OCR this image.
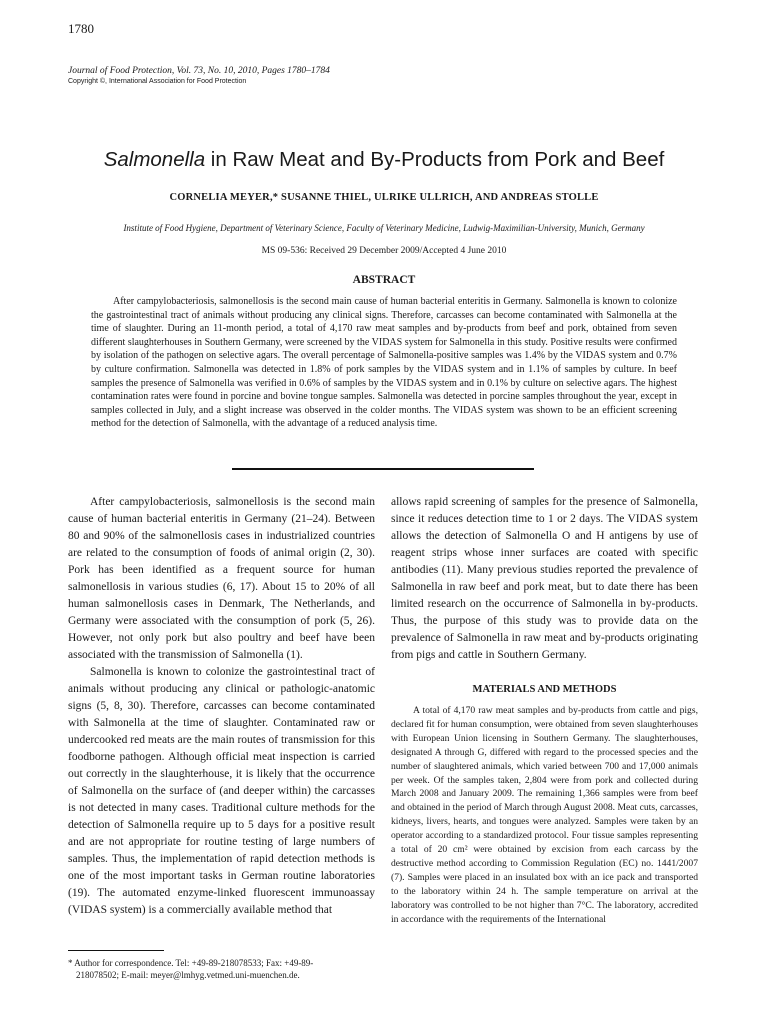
1780
Journal of Food Protection, Vol. 73, No. 10, 2010, Pages 1780–1784
Copyright ©, International Association for Food Protection
Salmonella in Raw Meat and By-Products from Pork and Beef
CORNELIA MEYER,* SUSANNE THIEL, ULRIKE ULLRICH, AND ANDREAS STOLLE
Institute of Food Hygiene, Department of Veterinary Science, Faculty of Veterinary Medicine, Ludwig-Maximilian-University, Munich, Germany
MS 09-536: Received 29 December 2009/Accepted 4 June 2010
ABSTRACT

After campylobacteriosis, salmonellosis is the second main cause of human bacterial enteritis in Germany. Salmonella is known to colonize the gastrointestinal tract of animals without producing any clinical signs. Therefore, carcasses can become contaminated with Salmonella at the time of slaughter. During an 11-month period, a total of 4,170 raw meat samples and by-products from beef and pork, obtained from seven different slaughterhouses in Southern Germany, were screened by the VIDAS system for Salmonella in this study. Positive results were confirmed by isolation of the pathogen on selective agars. The overall percentage of Salmonella-positive samples was 1.4% by the VIDAS system and 0.7% by culture confirmation. Salmonella was detected in 1.8% of pork samples by the VIDAS system and in 1.1% of samples by culture. In beef samples the presence of Salmonella was verified in 0.6% of samples by the VIDAS system and in 0.1% by culture on selective agars. The highest contamination rates were found in porcine and bovine tongue samples. Salmonella was detected in porcine samples throughout the year, except in samples collected in July, and a slight increase was observed in the colder months. The VIDAS system was shown to be an efficient screening method for the detection of Salmonella, with the advantage of a reduced analysis time.

After campylobacteriosis, salmonellosis is the second main cause of human bacterial enteritis in Germany (21–24). Between 80 and 90% of the salmonellosis cases in industrialized countries are related to the consumption of foods of animal origin (2, 30). Pork has been identified as a frequent source for human salmonellosis in various studies (6, 17). About 15 to 20% of all human salmonellosis cases in Denmark, The Netherlands, and Germany were associated with the consumption of pork (5, 26). However, not only pork but also poultry and beef have been associated with the transmission of Salmonella (1).

Salmonella is known to colonize the gastrointestinal tract of animals without producing any clinical or pathologic-anatomic signs (5, 8, 30). Therefore, carcasses can become contaminated with Salmonella at the time of slaughter. Contaminated raw or undercooked red meats are the main routes of transmission for this foodborne pathogen. Although official meat inspection is carried out correctly in the slaughterhouse, it is likely that the occurrence of Salmonella on the surface of (and deeper within) the carcasses is not detected in many cases. Traditional culture methods for the detection of Salmonella require up to 5 days for a positive result and are not appropriate for routine testing of large numbers of samples. Thus, the implementation of rapid detection methods is one of the most important tasks in German routine laboratories (19). The automated enzyme-linked fluorescent immunoassay (VIDAS system) is a commercially available method that

allows rapid screening of samples for the presence of Salmonella, since it reduces detection time to 1 or 2 days. The VIDAS system allows the detection of Salmonella O and H antigens by use of reagent strips whose inner surfaces are coated with specific antibodies (11). Many previous studies reported the prevalence of Salmonella in raw beef and pork meat, but to date there has been limited research on the occurrence of Salmonella in by-products. Thus, the purpose of this study was to provide data on the prevalence of Salmonella in raw meat and by-products originating from pigs and cattle in Southern Germany.

MATERIALS AND METHODS

A total of 4,170 raw meat samples and by-products from cattle and pigs, declared fit for human consumption, were obtained from seven slaughterhouses with European Union licensing in Southern Germany. The slaughterhouses, designated A through G, differed with regard to the processed species and the number of slaughtered animals, which varied between 700 and 17,000 animals per week. Of the samples taken, 2,804 were from pork and collected during March 2008 and January 2009. The remaining 1,366 samples were from beef and obtained in the period of March through August 2008. Meat cuts, carcasses, kidneys, livers, hearts, and tongues were analyzed. Samples were taken by an operator according to a standardized protocol. Four tissue samples representing a total of 20 cm² were obtained by excision from each carcass by the destructive method according to Commission Regulation (EC) no. 1441/2007 (7). Samples were placed in an insulated box with an ice pack and transported to the laboratory within 24 h. The sample temperature on arrival at the laboratory was controlled to be not higher than 7°C. The laboratory, accredited in accordance with the requirements of the International

* Author for correspondence. Tel: +49-89-218078533; Fax: +49-89-
218078502; E-mail: meyer@lmhyg.vetmed.uni-muenchen.de.
